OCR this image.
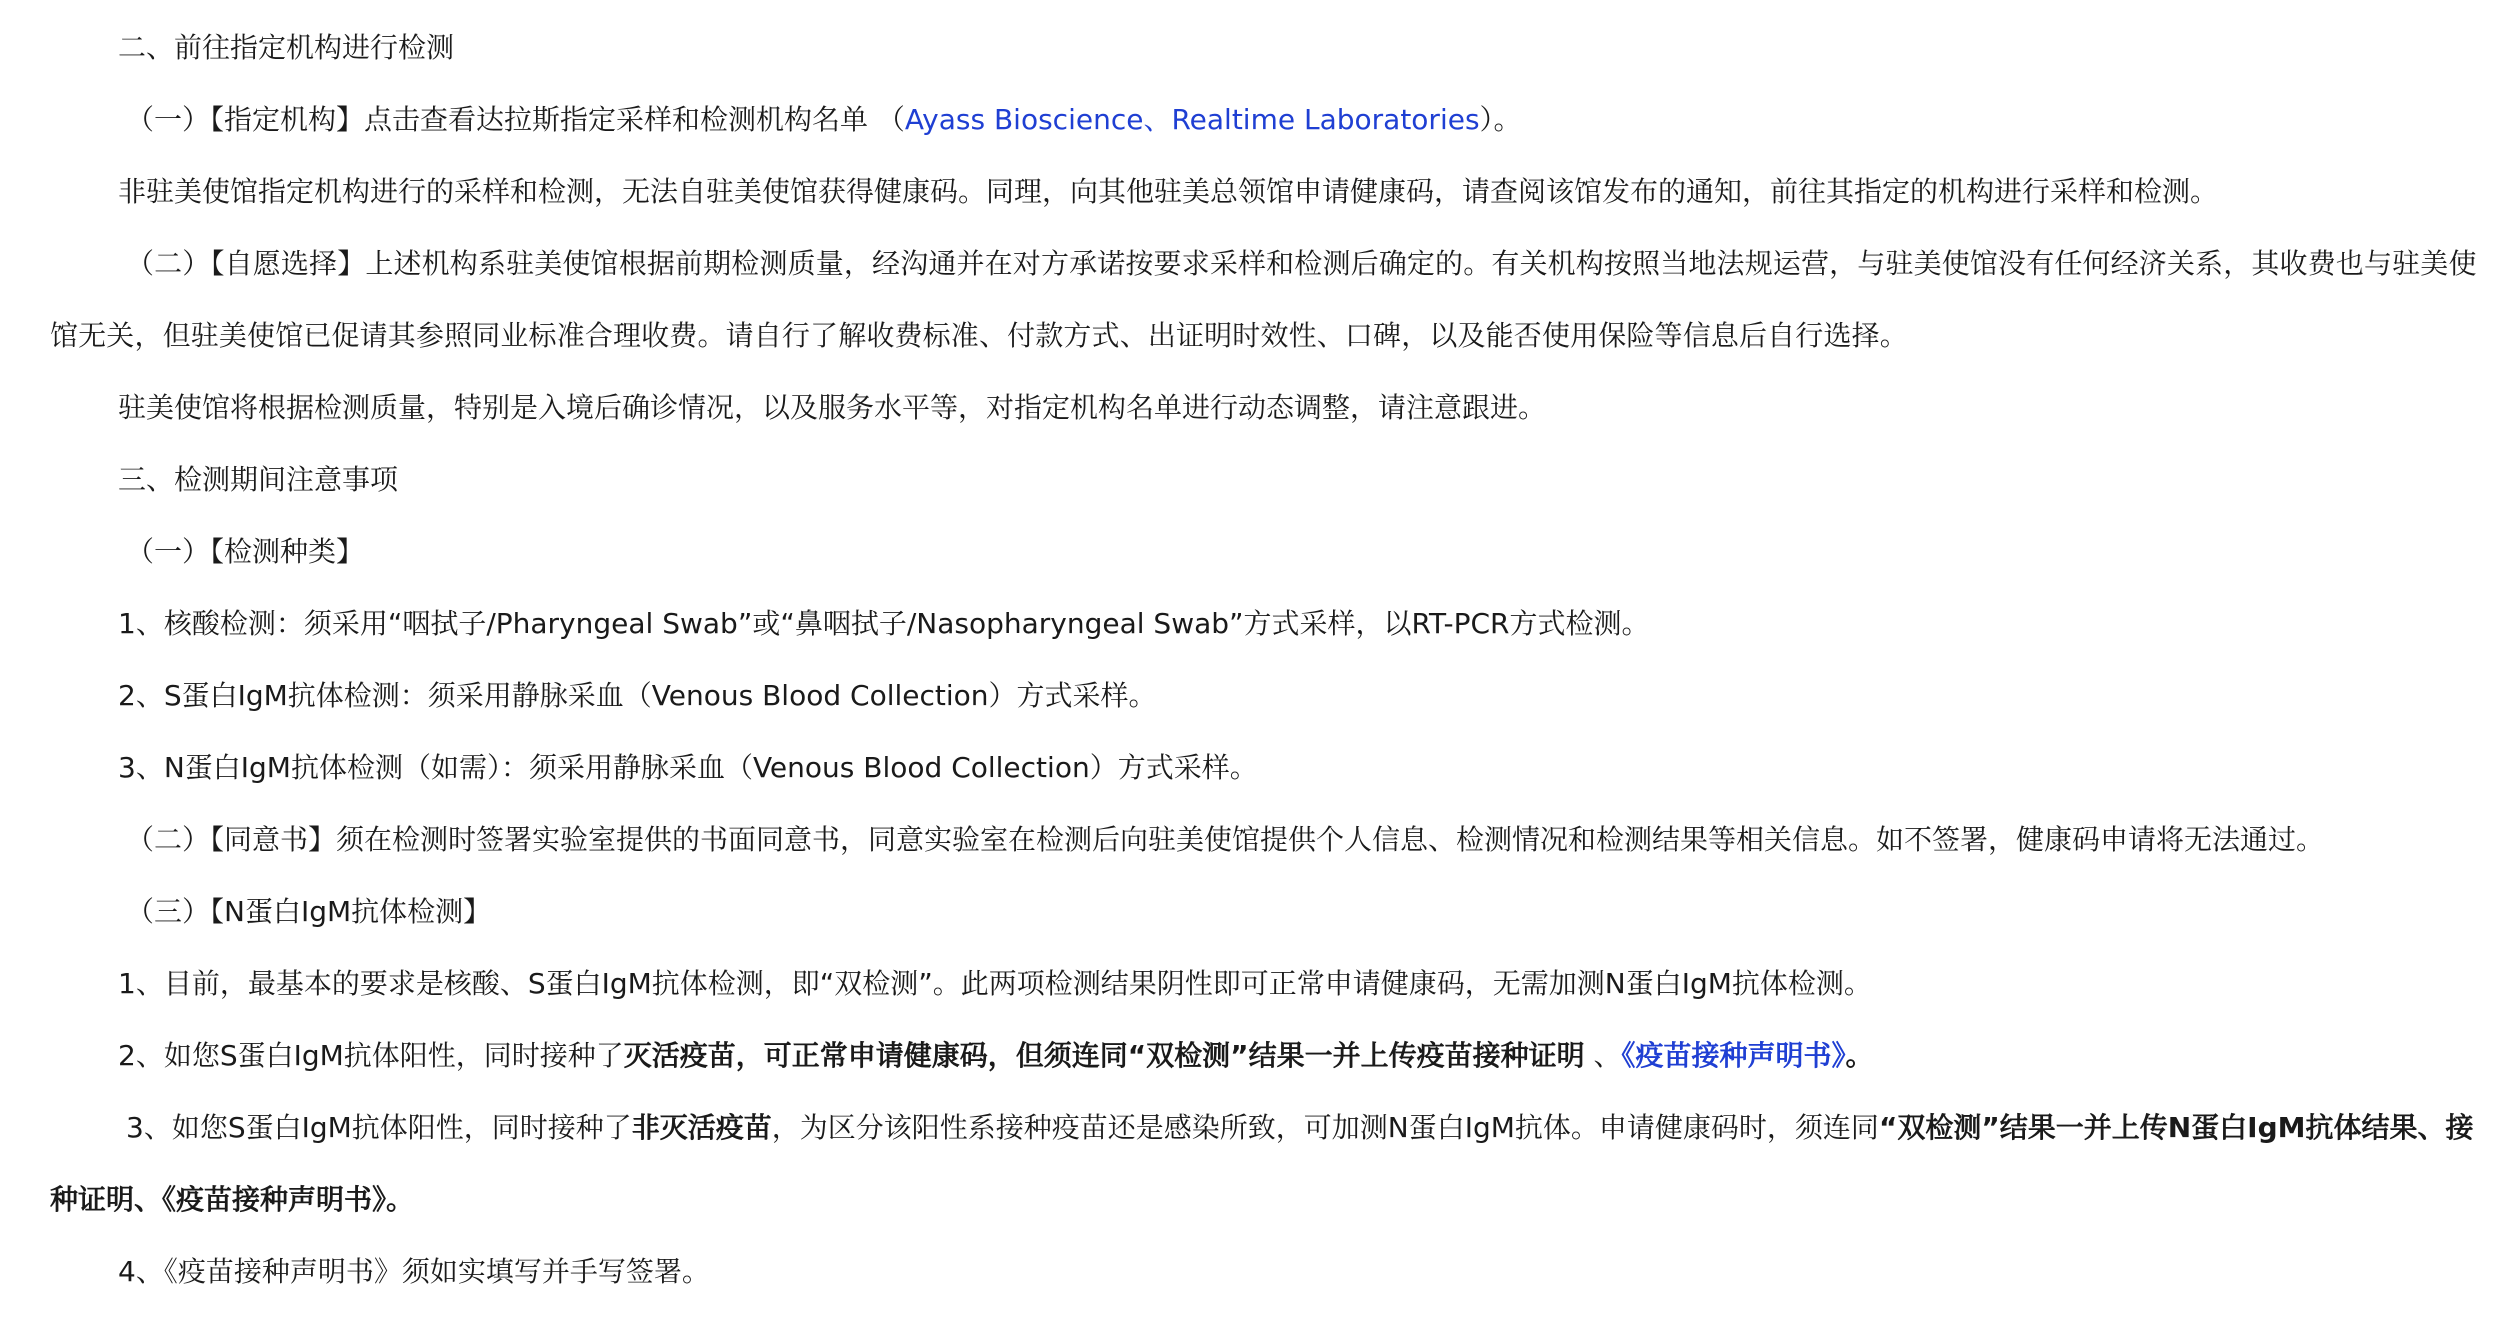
二、前往指定机构进行检测

（一）【指定机构】点击查看达拉斯指定采样和检测机构名单 （Ayass Bioscience、Realtime Laboratories）。

非驻美使馆指定机构进行的采样和检测，无法自驻美使馆获得健康码。同理，向其他驻美总领馆申请健康码，请查阅该馆发布的通知，前往其指定的机构进行采样和检测。

（二）【自愿选择】上述机构系驻美使馆根据前期检测质量，经沟通并在对方承诺按要求采样和检测后确定的。有关机构按照当地法规运营，与驻美使馆没有任何经济关系，其收费也与驻美使馆无关，但驻美使馆已促请其参照同业标准合理收费。请自行了解收费标准、付款方式、出证明时效性、口碑，以及能否使用保险等信息后自行选择。

驻美使馆将根据检测质量，特别是入境后确诊情况，以及服务水平等，对指定机构名单进行动态调整，请注意跟进。

三、检测期间注意事项

（一）【检测种类】

1、核酸检测：须采用“咽拭子/Pharyngeal Swab”或“鼻咽拭子/Nasopharyngeal Swab”方式采样，以RT-PCR方式检测。

2、S蛋白IgM抗体检测：须采用静脉采血（Venous Blood Collection）方式采样。

3、N蛋白IgM抗体检测（如需）：须采用静脉采血（Venous Blood Collection）方式采样。

（二）【同意书】须在检测时签署实验室提供的书面同意书，同意实验室在检测后向驻美使馆提供个人信息、检测情况和检测结果等相关信息。如不签署，健康码申请将无法通过。

（三）【N蛋白IgM抗体检测】

1、目前，最基本的要求是核酸、S蛋白IgM抗体检测，即“双检测”。此两项检测结果阴性即可正常申请健康码，无需加测N蛋白IgM抗体检测。

2、如您S蛋白IgM抗体阳性，同时接种了灭活疫苗，可正常申请健康码，但须连同“双检测”结果一并上传疫苗接种证明 、《疫苗接种声明书》。

3、如您S蛋白IgM抗体阳性，同时接种了非灭活疫苗，为区分该阳性系接种疫苗还是感染所致，可加测N蛋白IgM抗体。申请健康码时，须连同“双检测”结果一并上传N蛋白IgM抗体结果、接种证明、《疫苗接种声明书》。

4、《疫苗接种声明书》须如实填写并手写签署。
